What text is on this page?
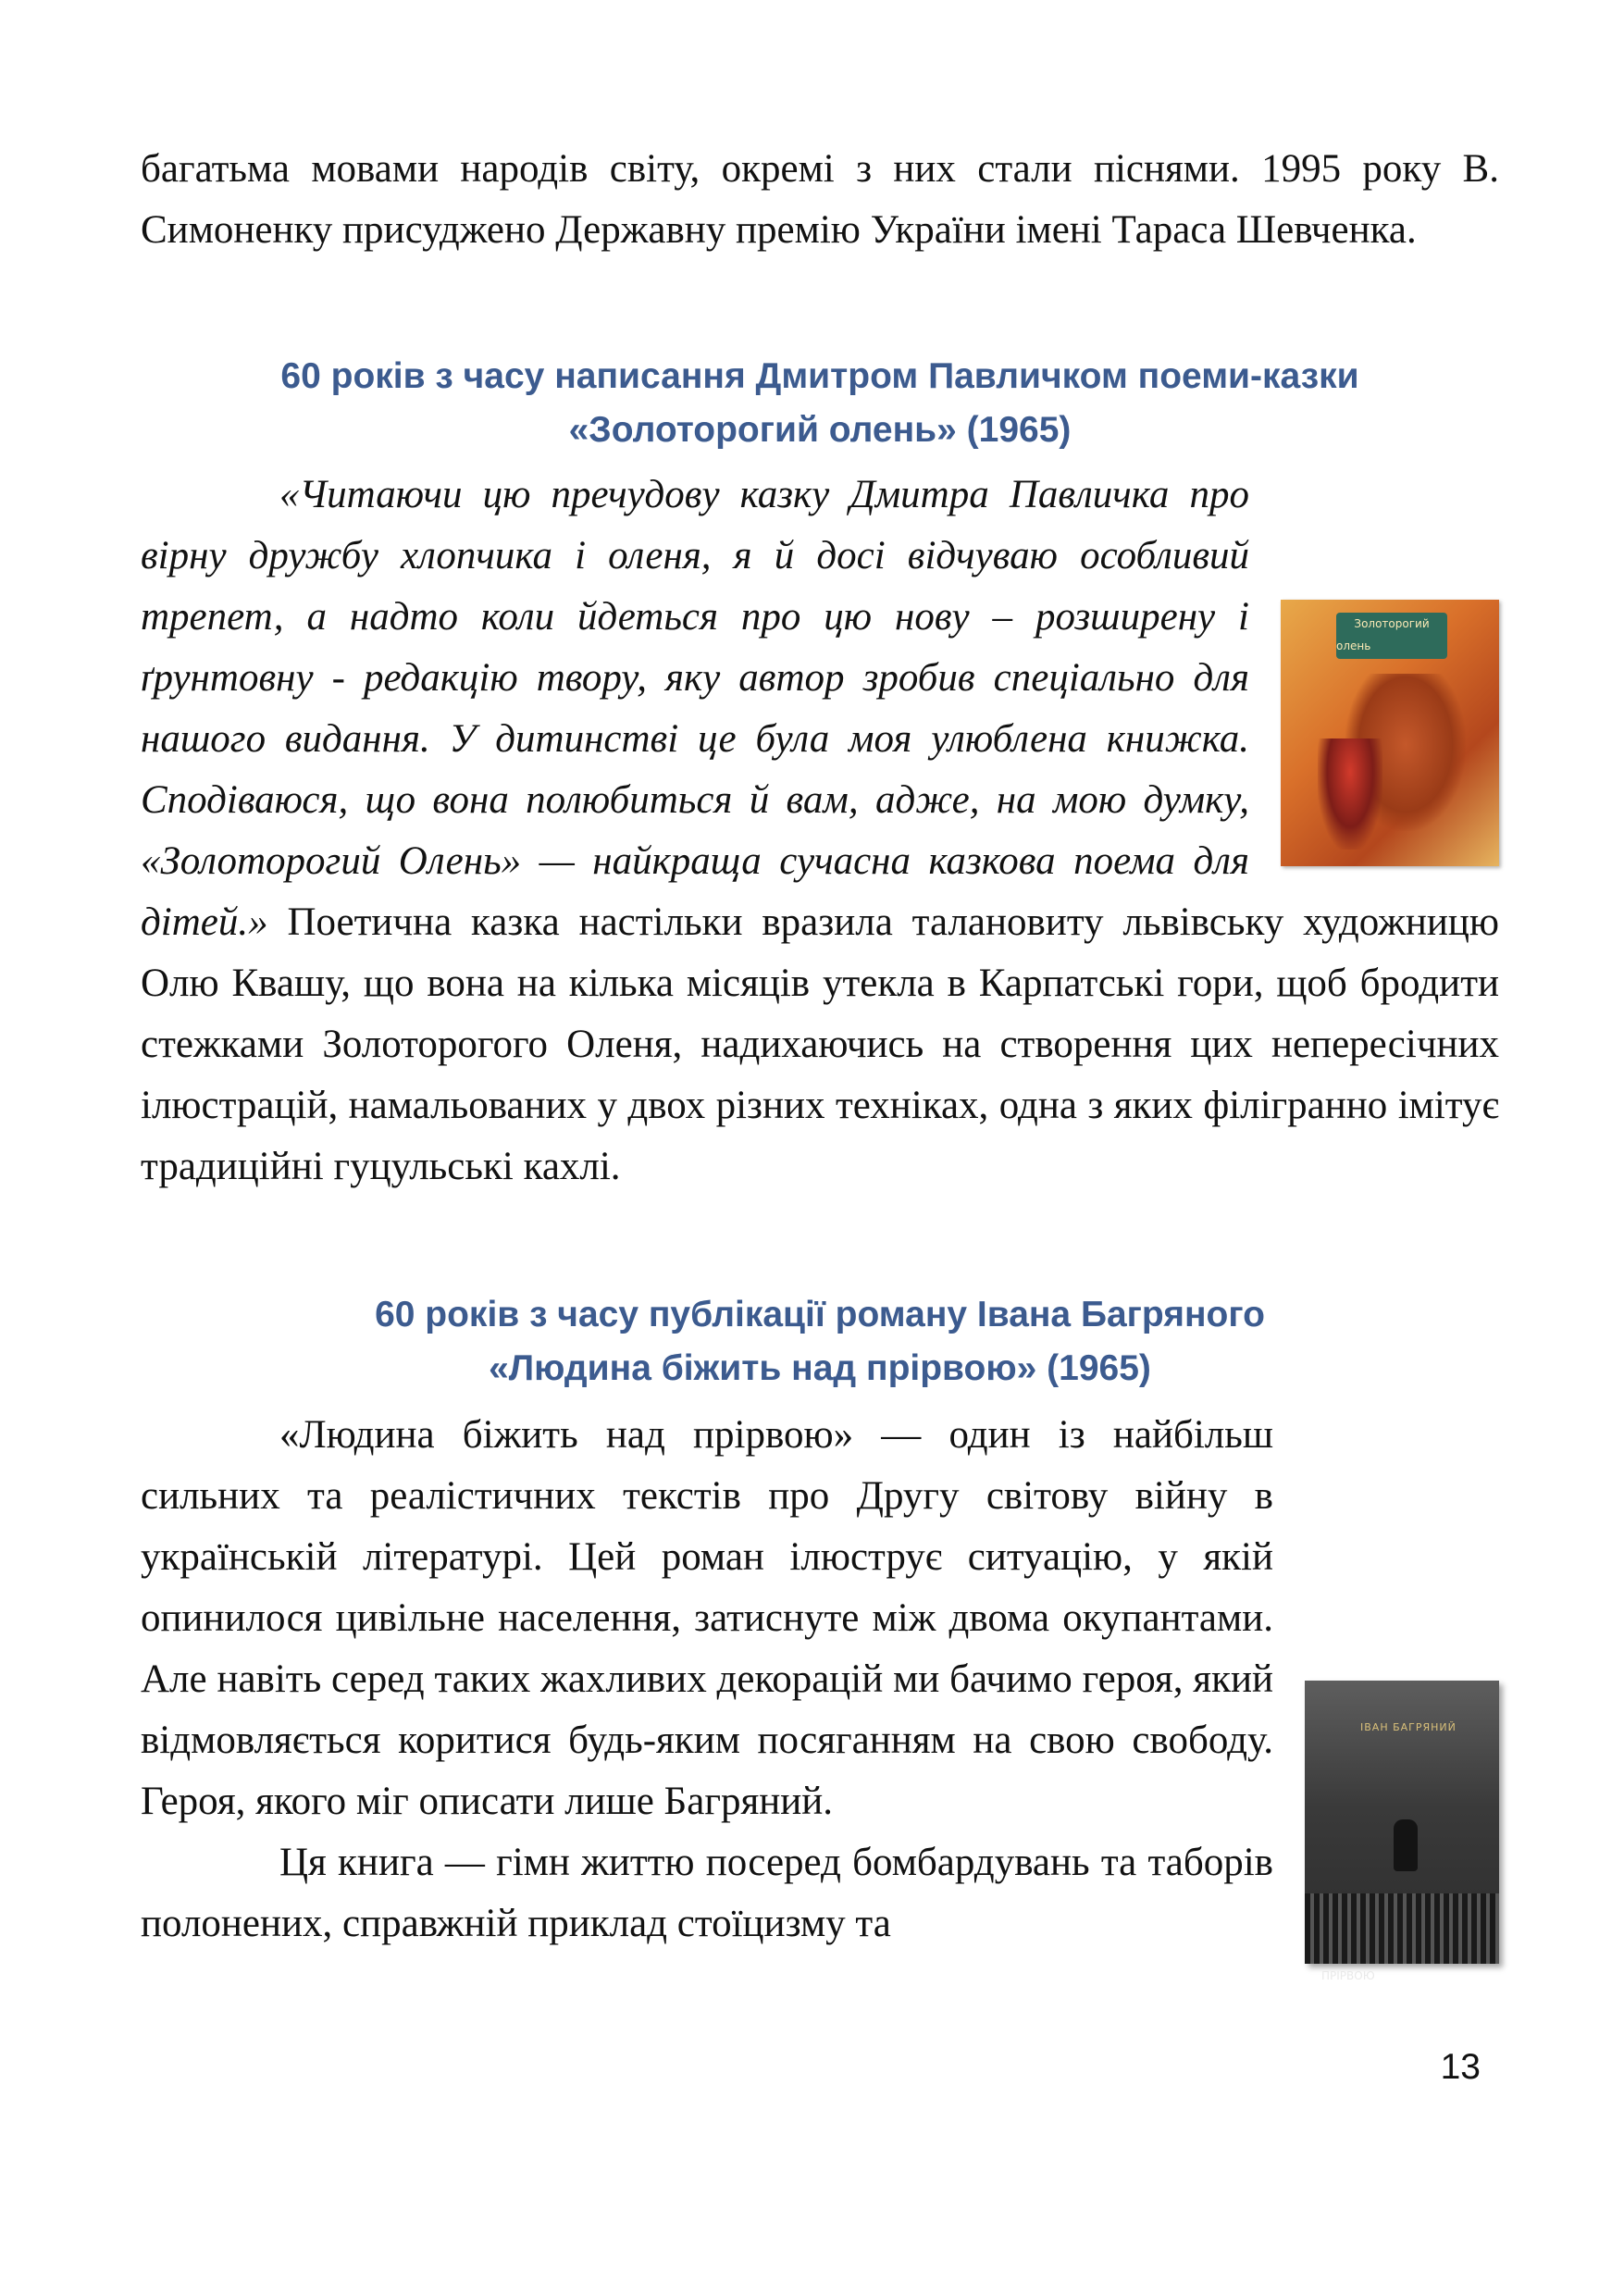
багатьма мовами народів світу, окремі з них стали піснями. 1995 року В. Симоненку присуджено Державну премію України імені Тараса Шевченка.

60 років з часу написання Дмитром Павличком поеми-казки
«Золоторогий олень» (1965)
Золоторогий олень
«Читаючи цю пречудову казку Дмитра Павличка про вірну дружбу хлопчика і оленя, я й досі відчуваю особливий трепет, а надто коли йдеться про цю нову – розширену і ґрунтовну - редакцію твору, яку автор зробив спеціально для нашого видання. У дитинстві це була моя улюблена книжка. Сподіваюся, що вона полюбиться й вам, адже, на мою думку, «Золоторогий Олень» — найкраща сучасна казкова поема для дітей.» Поетична казка настільки вразила талановиту львівську художницю Олю Квашу, що вона на кілька місяців утекла в Карпатські гори, щоб бродити стежками Золоторогого Оленя, надихаючись на створення цих непересічних ілюстрацій, намальованих у двох різних техніках, одна з яких філігранно імітує традиційні гуцульські кахлі.
60 років з часу публікації роману Івана Багряного
«Людина біжить над прірвою» (1965)
ІВАН БАГРЯНИЙ
ПРІРВОЮ
«Людина біжить над прірвою» — один із найбільш сильних та реалістичних текстів про Другу світову війну в українській літературі. Цей роман ілюструє ситуацію, у якій опинилося цивільне населення, затиснуте між двома окупантами. Але навіть серед таких жахливих декорацій ми бачимо героя, який відмовляється коритися будь-яким посяганням на свою свободу. Героя, якого міг описати лише Багряний.
Ця книга — гімн життю посеред бомбардувань та таборів полонених, справжній приклад стоїцизму та
13
